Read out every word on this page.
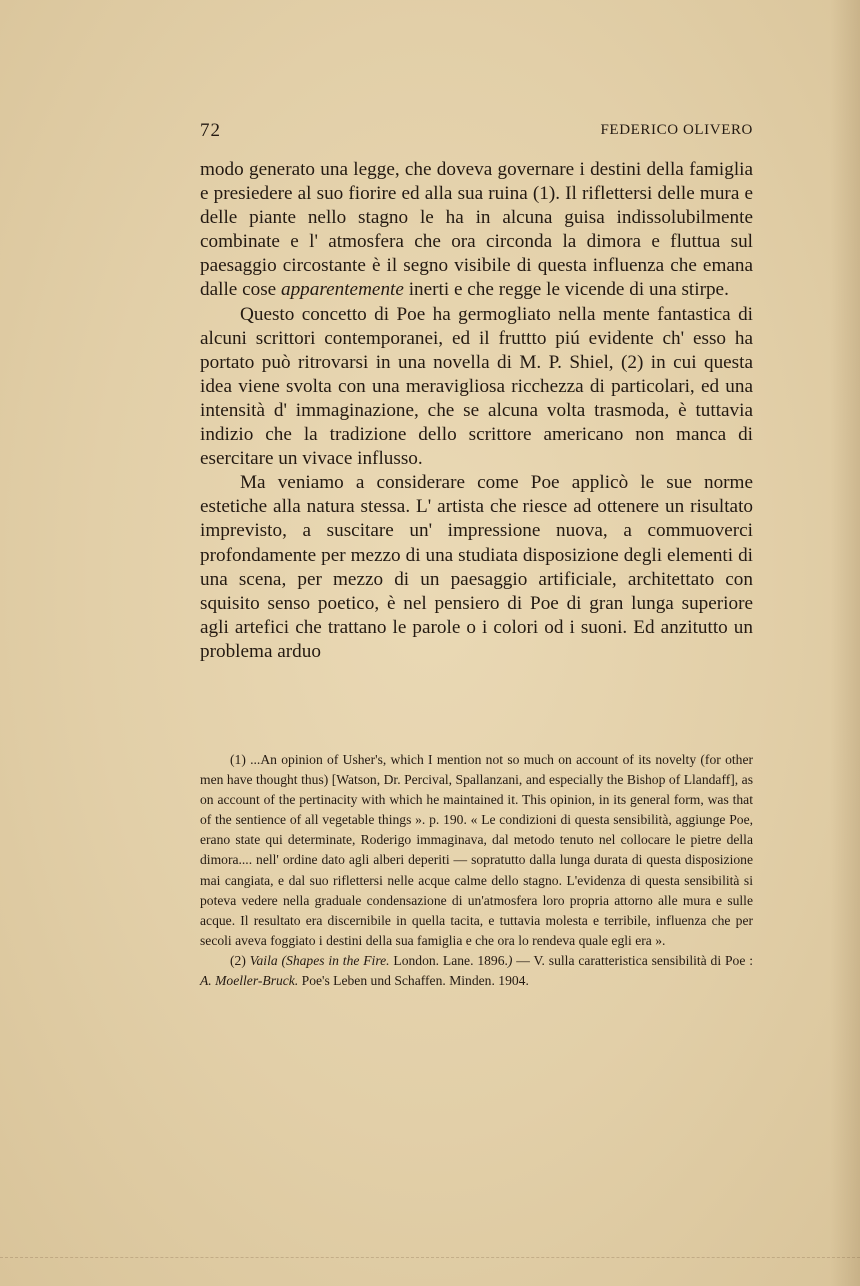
72	FEDERICO OLIVERO

modo generato una legge, che doveva governare i destini della famiglia e presiedere al suo fiorire ed alla sua ruina (1). Il riflettersi delle mura e delle piante nello stagno le ha in alcuna guisa indissolubilmente combinate e l' atmosfera che ora circonda la dimora e fluttua sul paesaggio circostante è il segno visibile di questa influenza che emana dalle cose apparentemente inerti e che regge le vicende di una stirpe.

Questo concetto di Poe ha germogliato nella mente fantastica di alcuni scrittori contemporanei, ed il fruttto piú evidente ch' esso ha portato può ritrovarsi in una novella di M. P. Shiel, (2) in cui questa idea viene svolta con una meravigliosa ricchezza di particolari, ed una intensità d' immaginazione, che se alcuna volta trasmoda, è tuttavia indizio che la tradizione dello scrittore americano non manca di esercitare un vivace influsso.

Ma veniamo a considerare come Poe applicò le sue norme estetiche alla natura stessa. L' artista che riesce ad ottenere un risultato imprevisto, a suscitare un' impressione nuova, a commuoverci profondamente per mezzo di una studiata disposizione degli elementi di una scena, per mezzo di un paesaggio artificiale, architettato con squisito senso poetico, è nel pensiero di Poe di gran lunga superiore agli artefici che trattano le parole o i colori od i suoni. Ed anzitutto un problema arduo

(1) ...An opinion of Usher's, which I mention not so much on account of its novelty (for other men have thought thus) [Watson, Dr. Percival, Spallanzani, and especially the Bishop of Llandaff], as on account of the pertinacity with which he maintained it. This opinion, in its general form, was that of the sentience of all vegetable things ». p. 190. « Le condizioni di questa sensibilità, aggiunge Poe, erano state qui determinate, Roderigo immaginava, dal metodo tenuto nel collocare le pietre della dimora.... nell' ordine dato agli alberi deperiti — sopratutto dalla lunga durata di questa disposizione mai cangiata, e dal suo riflettersi nelle acque calme dello stagno. L'evidenza di questa sensibilità si poteva vedere nella graduale condensazione di un'atmosfera loro propria attorno alle mura e sulle acque. Il resultato era discernibile in quella tacita, e tuttavia molesta e terribile, influenza che per secoli aveva foggiato i destini della sua famiglia e che ora lo rendeva quale egli era ».

(2) Vaila (Shapes in the Fire. London. Lane. 1896.) — V. sulla caratteristica sensibilità di Poe : A. Moeller-Bruck. Poe's Leben und Schaffen. Minden. 1904.
